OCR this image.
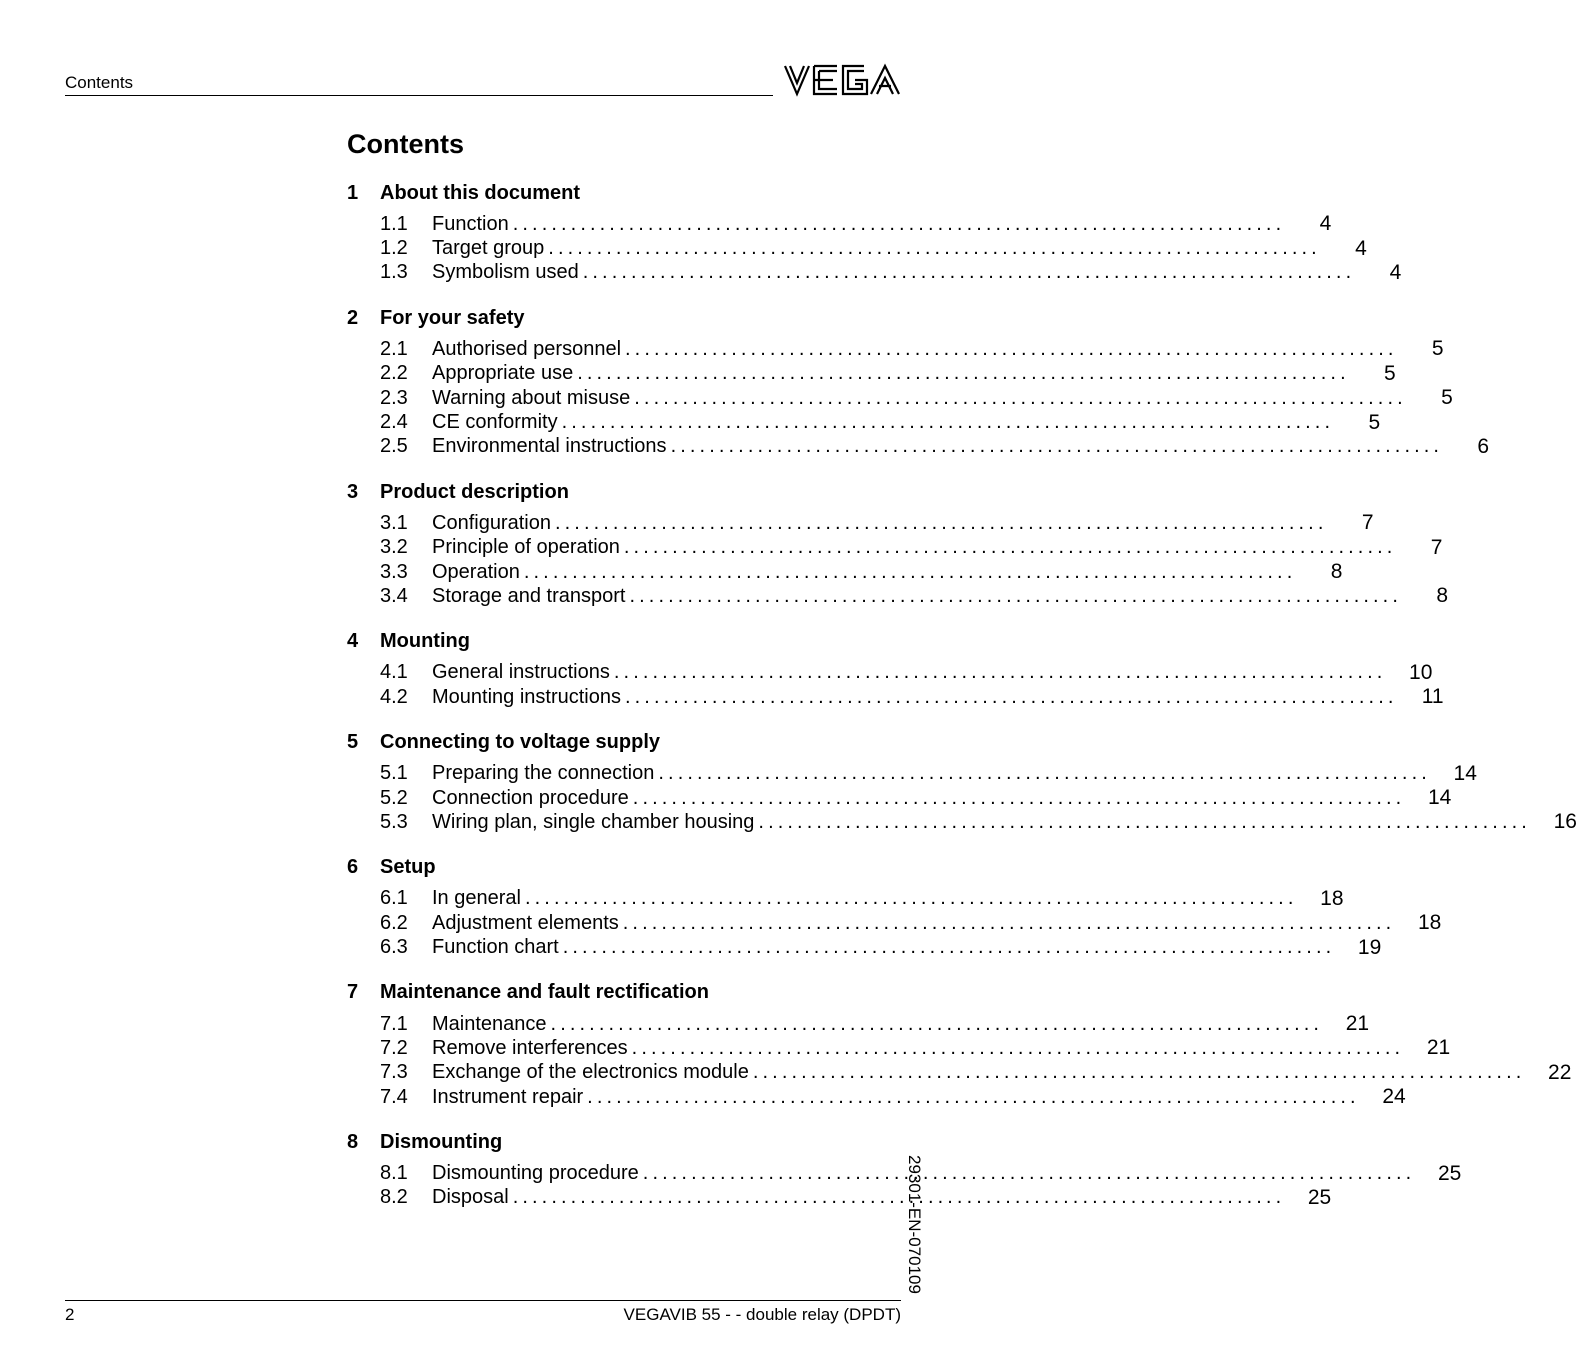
Contents
Contents
1	About this document
1.1	Function ................................................................................	4
1.2	Target group ................................................................................	4
1.3	Symbolism used ................................................................................	4
2	For your safety
2.1	Authorised personnel ................................................................................	5
2.2	Appropriate use ................................................................................	5
2.3	Warning about misuse ................................................................................	5
2.4	CE conformity ................................................................................	5
2.5	Environmental instructions ................................................................................	6
3	Product description
3.1	Configuration ................................................................................	7
3.2	Principle of operation ................................................................................	7
3.3	Operation ................................................................................	8
3.4	Storage and transport ................................................................................	8
4	Mounting
4.1	General instructions ................................................................................	10
4.2	Mounting instructions ................................................................................	11
5	Connecting to voltage supply
5.1	Preparing the connection ................................................................................	14
5.2	Connection procedure ................................................................................	14
5.3	Wiring plan, single chamber housing ................................................................................	16
6	Setup
6.1	In general ................................................................................	18
6.2	Adjustment elements ................................................................................	18
6.3	Function chart ................................................................................	19
7	Maintenance and fault rectification
7.1	Maintenance ................................................................................	21
7.2	Remove interferences ................................................................................	21
7.3	Exchange of the electronics module ................................................................................	22
7.4	Instrument repair ................................................................................	24
8	Dismounting
8.1	Dismounting procedure ................................................................................	25
8.2	Disposal ................................................................................	25
29301-EN-070109
2	VEGAVIB 55 - - double relay (DPDT)
